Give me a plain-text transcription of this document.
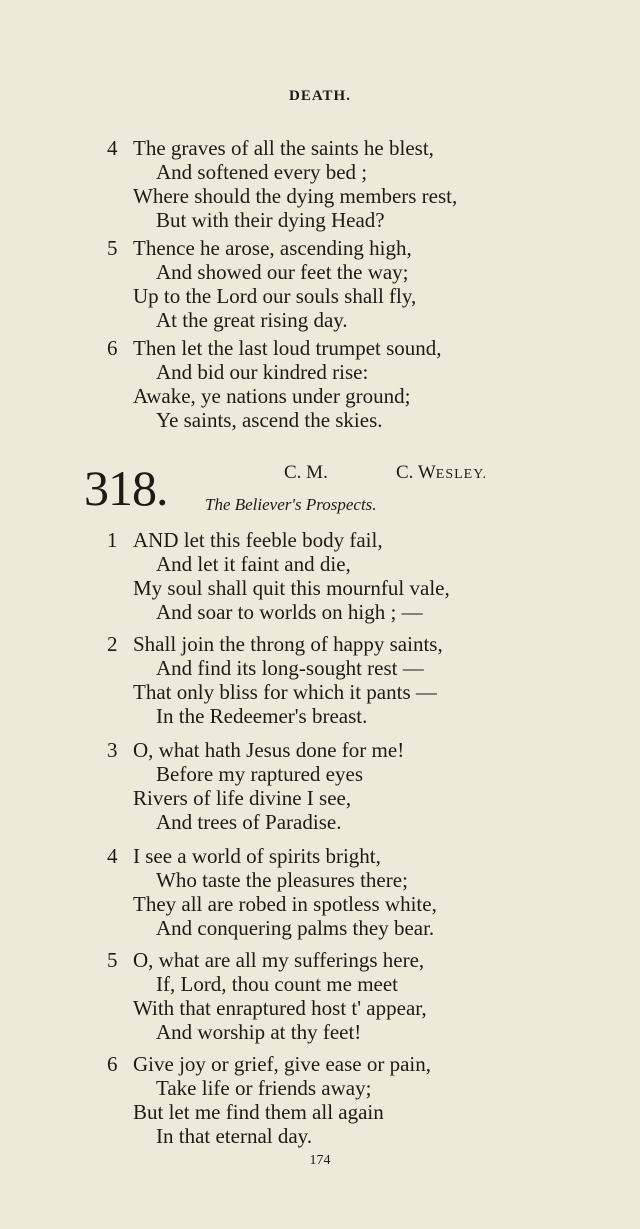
DEATH.
4 The graves of all the saints he blest,
And softened every bed ;
Where should the dying members rest,
But with their dying Head?
5 Thence he arose, ascending high,
And showed our feet the way;
Up to the Lord our souls shall fly,
At the great rising day.
6 Then let the last loud trumpet sound,
And bid our kindred rise:
Awake, ye nations under ground;
Ye saints, ascend the skies.
318.	C. M.	C. WESLEY.
The Believer's Prospects.
1 AND let this feeble body fail,
And let it faint and die,
My soul shall quit this mournful vale,
And soar to worlds on high ; —
2 Shall join the throng of happy saints,
And find its long-sought rest —
That only bliss for which it pants —
In the Redeemer's breast.
3 O, what hath Jesus done for me!
Before my raptured eyes
Rivers of life divine I see,
And trees of Paradise.
4 I see a world of spirits bright,
Who taste the pleasures there;
They all are robed in spotless white,
And conquering palms they bear.
5 O, what are all my sufferings here,
If, Lord, thou count me meet
With that enraptured host t' appear,
And worship at thy feet!
6 Give joy or grief, give ease or pain,
Take life or friends away;
But let me find them all again
In that eternal day.
174
